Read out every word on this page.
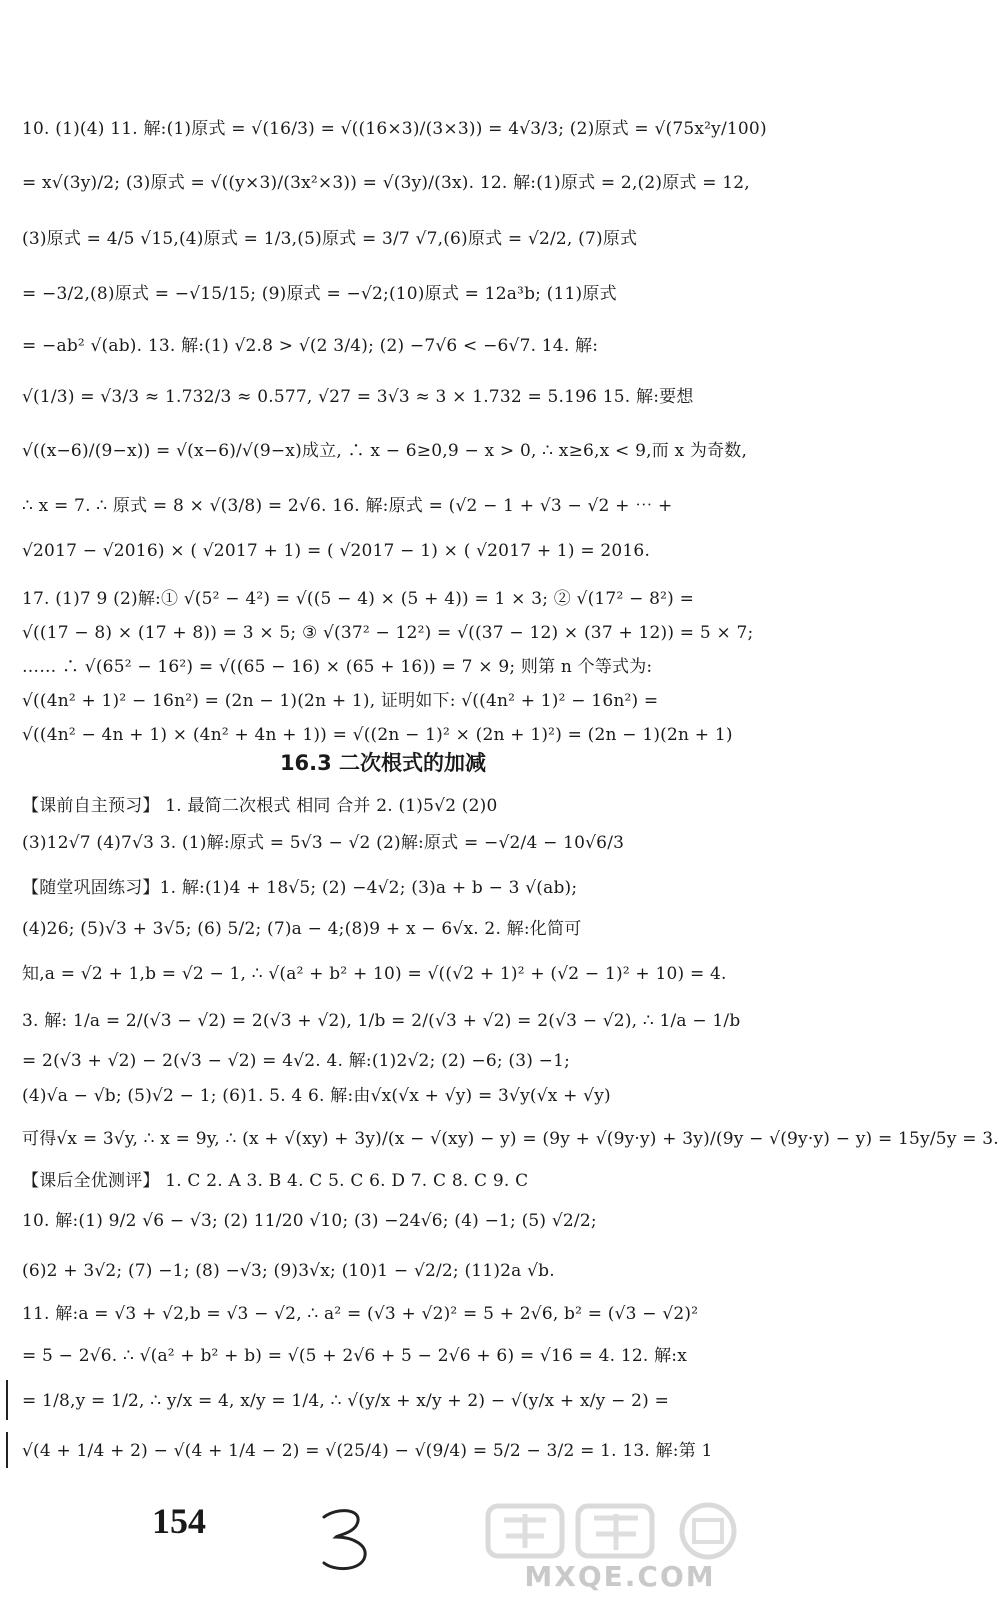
10. (1)(4) 11. 解:(1)原式 = √(16/3) = √((16×3)/(3×3)) = 4√3/3; (2)原式 = √(75x²y/100)
= x√(3y)/2; (3)原式 = √((y×3)/(3x²×3)) = √(3y)/(3x). 12. 解:(1)原式 = 2,(2)原式 = 12,
(3)原式 = 4/5 √15,(4)原式 = 1/3,(5)原式 = 3/7 √7,(6)原式 = √2/2, (7)原式
= −3/2,(8)原式 = −√15/15; (9)原式 = −√2;(10)原式 = 12a³b; (11)原式
= −ab² √(ab). 13. 解:(1) √2.8 > √(2 3/4); (2) −7√6 < −6√7. 14. 解:
√(1/3) = √3/3 ≈ 1.732/3 ≈ 0.577, √27 = 3√3 ≈ 3 × 1.732 = 5.196 15. 解:要想
√((x−6)/(9−x)) = √(x−6)/√(9−x)成立, ∴ x − 6≥0,9 − x > 0, ∴ x≥6,x < 9,而 x 为奇数,
∴ x = 7. ∴ 原式 = 8 × √(3/8) = 2√6. 16. 解:原式 = (√2 − 1 + √3 − √2 + ⋯ +
√2017 − √2016) × ( √2017 + 1) = ( √2017 − 1) × ( √2017 + 1) = 2016.
17. (1)7 9 (2)解:① √(5² − 4²) = √((5 − 4) × (5 + 4)) = 1 × 3; ② √(17² − 8²) =
√((17 − 8) × (17 + 8)) = 3 × 5; ③ √(37² − 12²) = √((37 − 12) × (37 + 12)) = 5 × 7;
…… ∴ √(65² − 16²) = √((65 − 16) × (65 + 16)) = 7 × 9; 则第 n 个等式为:
√((4n² + 1)² − 16n²) = (2n − 1)(2n + 1), 证明如下: √((4n² + 1)² − 16n²) =
√((4n² − 4n + 1) × (4n² + 4n + 1)) = √((2n − 1)² × (2n + 1)²) = (2n − 1)(2n + 1)
16.3 二次根式的加减
【课前自主预习】 1. 最简二次根式 相同 合并 2. (1)5√2 (2)0
(3)12√7 (4)7√3 3. (1)解:原式 = 5√3 − √2 (2)解:原式 = −√2/4 − 10√6/3
【随堂巩固练习】1. 解:(1)4 + 18√5; (2) −4√2; (3)a + b − 3 √(ab);
(4)26; (5)√3 + 3√5; (6) 5/2; (7)a − 4;(8)9 + x − 6√x. 2. 解:化简可
知,a = √2 + 1,b = √2 − 1, ∴ √(a² + b² + 10) = √((√2 + 1)² + (√2 − 1)² + 10) = 4.
3. 解: 1/a = 2/(√3 − √2) = 2(√3 + √2), 1/b = 2/(√3 + √2) = 2(√3 − √2), ∴ 1/a − 1/b
= 2(√3 + √2) − 2(√3 − √2) = 4√2. 4. 解:(1)2√2; (2) −6; (3) −1;
(4)√a − √b; (5)√2 − 1; (6)1. 5. 4 6. 解:由√x(√x + √y) = 3√y(√x + √y)
可得√x = 3√y, ∴ x = 9y, ∴ (x + √(xy) + 3y)/(x − √(xy) − y) = (9y + √(9y·y) + 3y)/(9y − √(9y·y) − y) = 15y/5y = 3.
【课后全优测评】 1. C 2. A 3. B 4. C 5. C 6. D 7. C 8. C 9. C
10. 解:(1) 9/2 √6 − √3; (2) 11/20 √10; (3) −24√6; (4) −1; (5) √2/2;
(6)2 + 3√2; (7) −1; (8) −√3; (9)3√x; (10)1 − √2/2; (11)2a √b.
11. 解:a = √3 + √2,b = √3 − √2, ∴ a² = (√3 + √2)² = 5 + 2√6, b² = (√3 − √2)²
= 5 − 2√6. ∴ √(a² + b² + b) = √(5 + 2√6 + 5 − 2√6 + 6) = √16 = 4. 12. 解:x
= 1/8,y = 1/2, ∴ y/x = 4, x/y = 1/4, ∴ √(y/x + x/y + 2) − √(y/x + x/y − 2) =
√(4 + 1/4 + 2) − √(4 + 1/4 − 2) = √(25/4) − √(9/4) = 5/2 − 3/2 = 1. 13. 解:第 1
154
MXQE.COM
